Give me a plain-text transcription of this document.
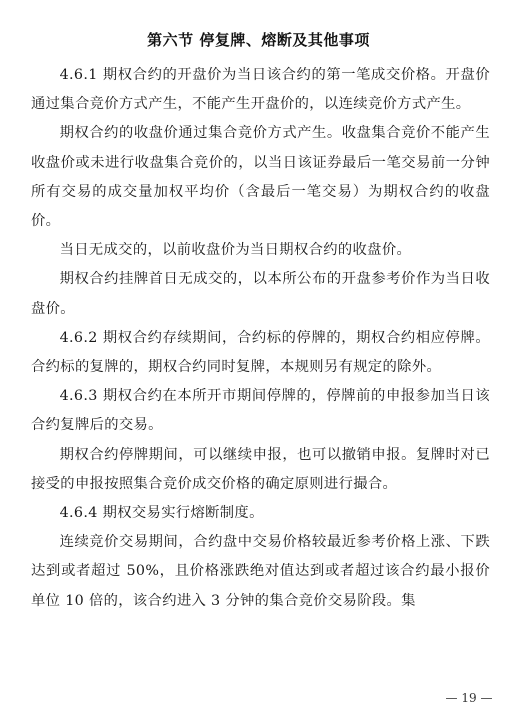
第六节 停复牌、熔断及其他事项

4.6.1 期权合约的开盘价为当日该合约的第一笔成交价格。开盘价通过集合竞价方式产生，不能产生开盘价的，以连续竞价方式产生。

期权合约的收盘价通过集合竞价方式产生。收盘集合竞价不能产生收盘价或未进行收盘集合竞价的，以当日该证券最后一笔交易前一分钟所有交易的成交量加权平均价（含最后一笔交易）为期权合约的收盘价。

当日无成交的，以前收盘价为当日期权合约的收盘价。

期权合约挂牌首日无成交的，以本所公布的开盘参考价作为当日收盘价。

4.6.2 期权合约存续期间，合约标的停牌的，期权合约相应停牌。合约标的复牌的，期权合约同时复牌，本规则另有规定的除外。

4.6.3 期权合约在本所开市期间停牌的，停牌前的申报参加当日该合约复牌后的交易。

期权合约停牌期间，可以继续申报，也可以撤销申报。复牌时对已接受的申报按照集合竞价成交价格的确定原则进行撮合。

4.6.4 期权交易实行熔断制度。

连续竞价交易期间，合约盘中交易价格较最近参考价格上涨、下跌达到或者超过 50%，且价格涨跌绝对值达到或者超过该合约最小报价单位 10 倍的，该合约进入 3 分钟的集合竞价交易阶段。集

— 19 —
